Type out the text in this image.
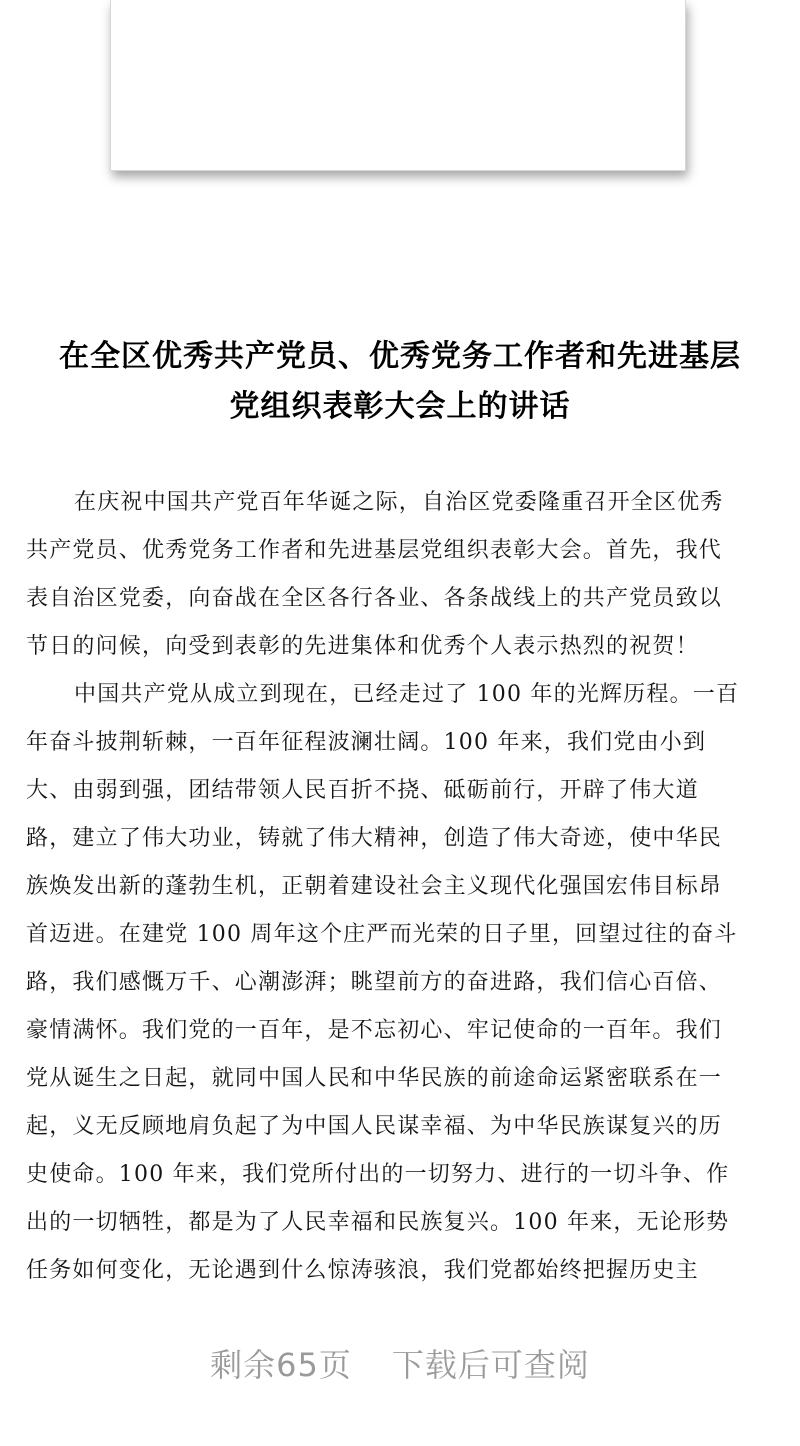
在全区优秀共产党员、优秀党务工作者和先进基层
党组织表彰大会上的讲话
在庆祝中国共产党百年华诞之际，自治区党委隆重召开全区优秀
共产党员、优秀党务工作者和先进基层党组织表彰大会。首先，我代
表自治区党委，向奋战在全区各行各业、各条战线上的共产党员致以
节日的问候，向受到表彰的先进集体和优秀个人表示热烈的祝贺！
中国共产党从成立到现在，已经走过了 100 年的光辉历程。一百
年奋斗披荆斩棘，一百年征程波澜壮阔。100 年来，我们党由小到
大、由弱到强，团结带领人民百折不挠、砥砺前行，开辟了伟大道
路，建立了伟大功业，铸就了伟大精神，创造了伟大奇迹，使中华民
族焕发出新的蓬勃生机，正朝着建设社会主义现代化强国宏伟目标昂
首迈进。在建党 100 周年这个庄严而光荣的日子里，回望过往的奋斗
路，我们感慨万千、心潮澎湃；眺望前方的奋进路，我们信心百倍、
豪情满怀。我们党的一百年，是不忘初心、牢记使命的一百年。我们
党从诞生之日起，就同中国人民和中华民族的前途命运紧密联系在一
起，义无反顾地肩负起了为中国人民谋幸福、为中华民族谋复兴的历
史使命。100 年来，我们党所付出的一切努力、进行的一切斗争、作
出的一切牺牲，都是为了人民幸福和民族复兴。100 年来，无论形势
任务如何变化，无论遇到什么惊涛骇浪，我们党都始终把握历史主
剩余65页 下载后可查阅
